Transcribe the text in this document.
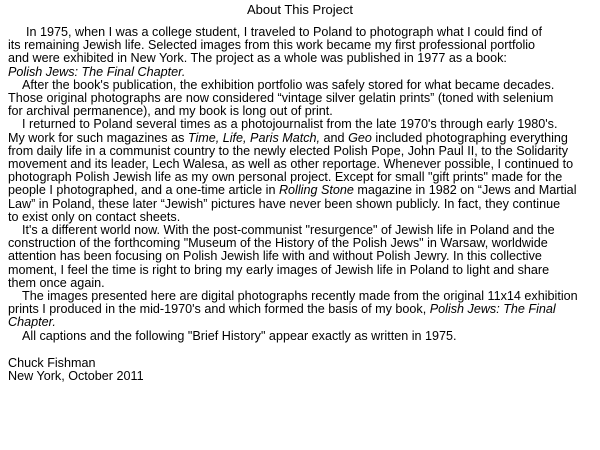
About This Project
In 1975, when I was a college student, I traveled to Poland to photograph what I could find of
its remaining Jewish life. Selected images from this work became my first professional portfolio
and were exhibited in New York. The project as a whole was published in 1977 as a book:
Polish Jews: The Final Chapter.
After the book's publication, the exhibition portfolio was safely stored for what became decades.
Those original photographs are now considered “vintage silver gelatin prints” (toned with selenium
for archival permanence), and my book is long out of print.
I returned to Poland several times as a photojournalist from the late 1970's through early 1980's.
My work for such magazines as Time, Life, Paris Match, and Geo included photographing everything
from daily life in a communist country to the newly elected Polish Pope, John Paul II, to the Solidarity
movement and its leader, Lech Walesa, as well as other reportage. Whenever possible, I continued to
photograph Polish Jewish life as my own personal project. Except for small "gift prints" made for the
people I photographed, and a one-time article in Rolling Stone magazine in 1982 on “Jews and Martial
Law” in Poland, these later “Jewish” pictures have never been shown publicly. In fact, they continue
to exist only on contact sheets.
It's a different world now. With the post-communist "resurgence" of Jewish life in Poland and the
construction of the forthcoming "Museum of the History of the Polish Jews" in Warsaw, worldwide
attention has been focusing on Polish Jewish life with and without Polish Jewry. In this collective
moment, I feel the time is right to bring my early images of Jewish life in Poland to light and share
them once again.
The images presented here are digital photographs recently made from the original 11x14 exhibition
prints I produced in the mid-1970's and which formed the basis of my book, Polish Jews: The Final
Chapter.
All captions and the following "Brief History" appear exactly as written in 1975.
Chuck Fishman
New York, October 2011
